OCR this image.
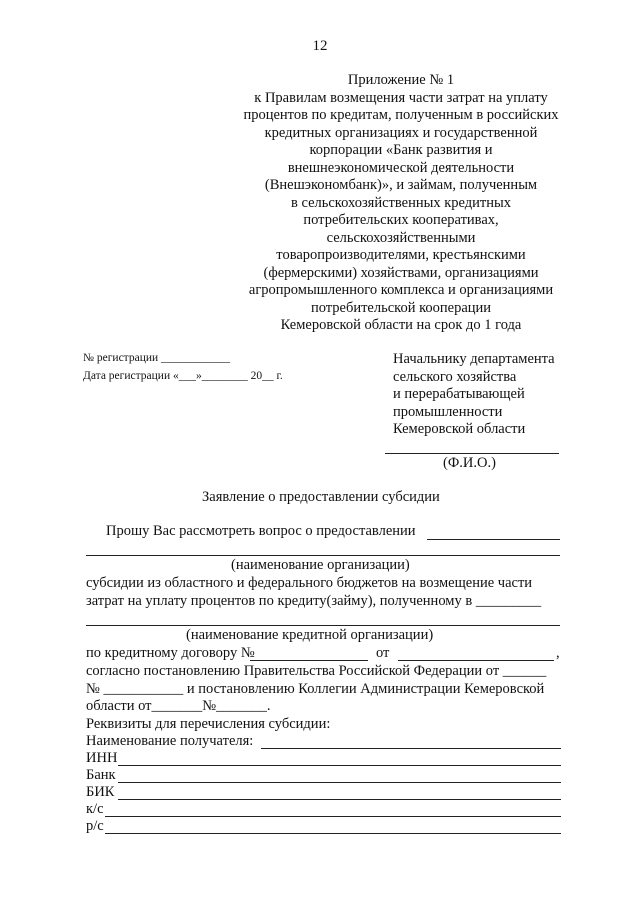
12
Приложение № 1
к Правилам возмещения части затрат на уплату
процентов по кредитам, полученным в российских
кредитных организациях и государственной
корпорации «Банк развития и
внешнеэкономической деятельности
(Внешэкономбанк)», и займам, полученным
в сельскохозяйственных кредитных
потребительских кооперативах,
сельскохозяйственными
товаропроизводителями, крестьянскими
(фермерскими) хозяйствами, организациями
агропромышленного комплекса и организациями
потребительской кооперации
Кемеровской области на срок до 1 года
№ регистрации ____________
Дата регистрации «___»________ 20__ г.
Начальнику департамента
сельского хозяйства
и перерабатывающей
промышленности
Кемеровской области
(Ф.И.О.)
Заявление о предоставлении субсидии
Прошу Вас рассмотреть вопрос о предоставлении
(наименование организации)
субсидии из областного и федерального бюджетов на возмещение части
затрат на уплату процентов по кредиту(займу), полученному в _________
(наименование кредитной организации)
по кредитному договору №	от	,
согласно постановлению Правительства Российской Федерации от ______
№ ___________ и постановлению Коллегии Администрации Кемеровской
области от_______№_______.
Реквизиты для перечисления субсидии:
Наименование получателя:
ИНН
Банк
БИК
к/с
р/с
